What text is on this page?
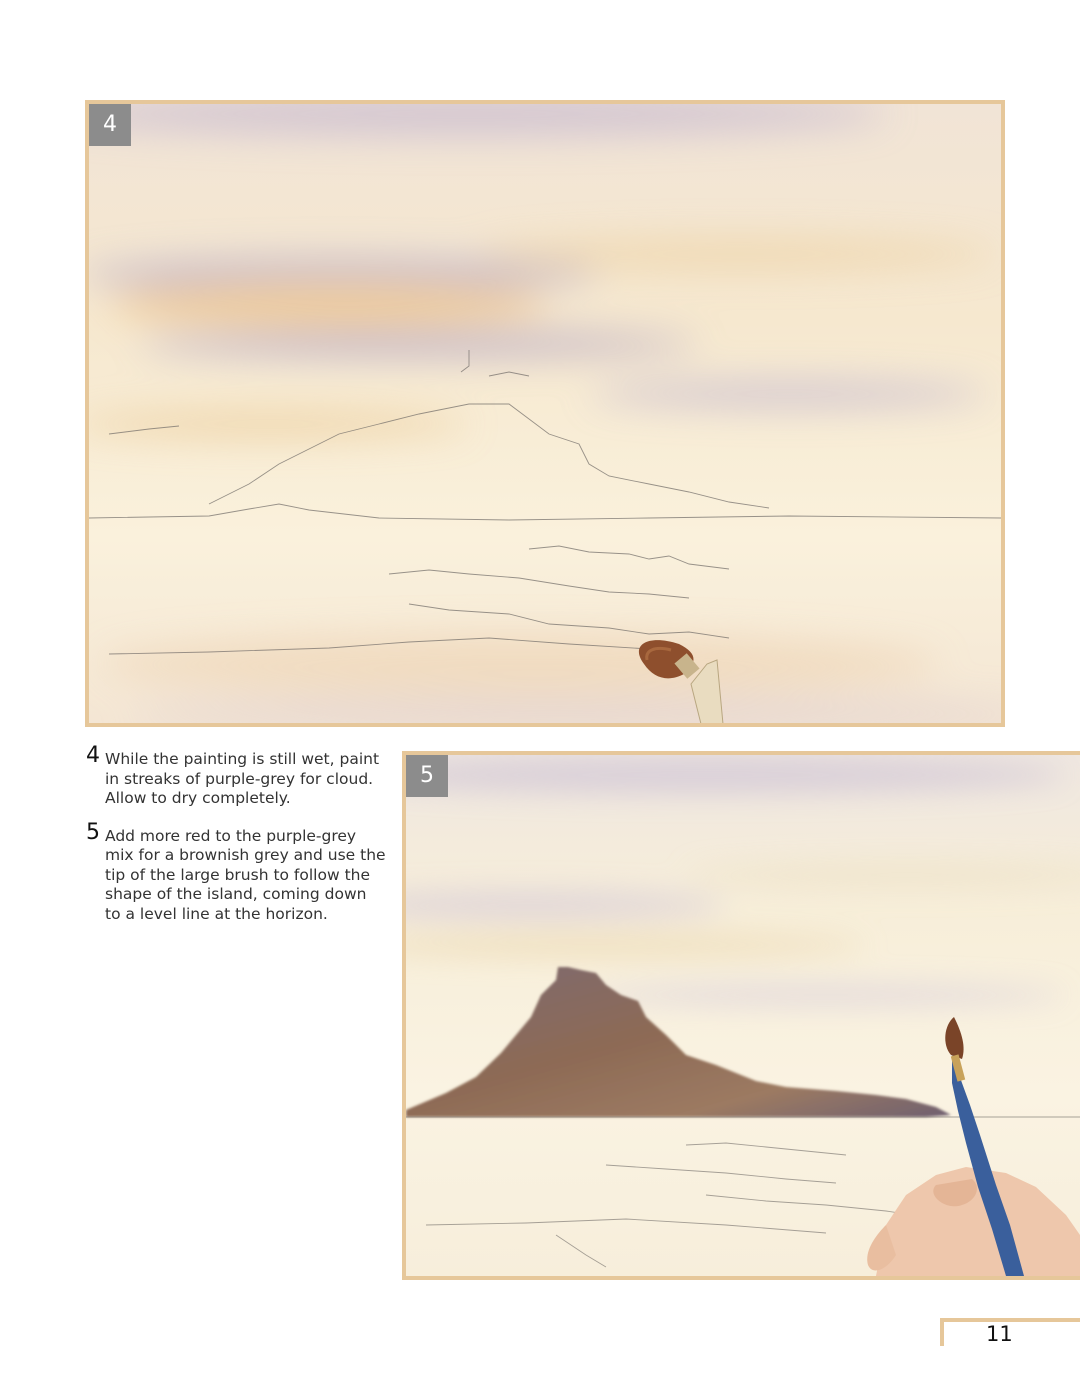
4
4 While the painting is still wet, paint in streaks of purple-grey for cloud. Allow to dry completely.
5 Add more red to the purple-grey mix for a brownish grey and use the tip of the large brush to follow the shape of the island, coming down to a level line at the horizon.
5
11
